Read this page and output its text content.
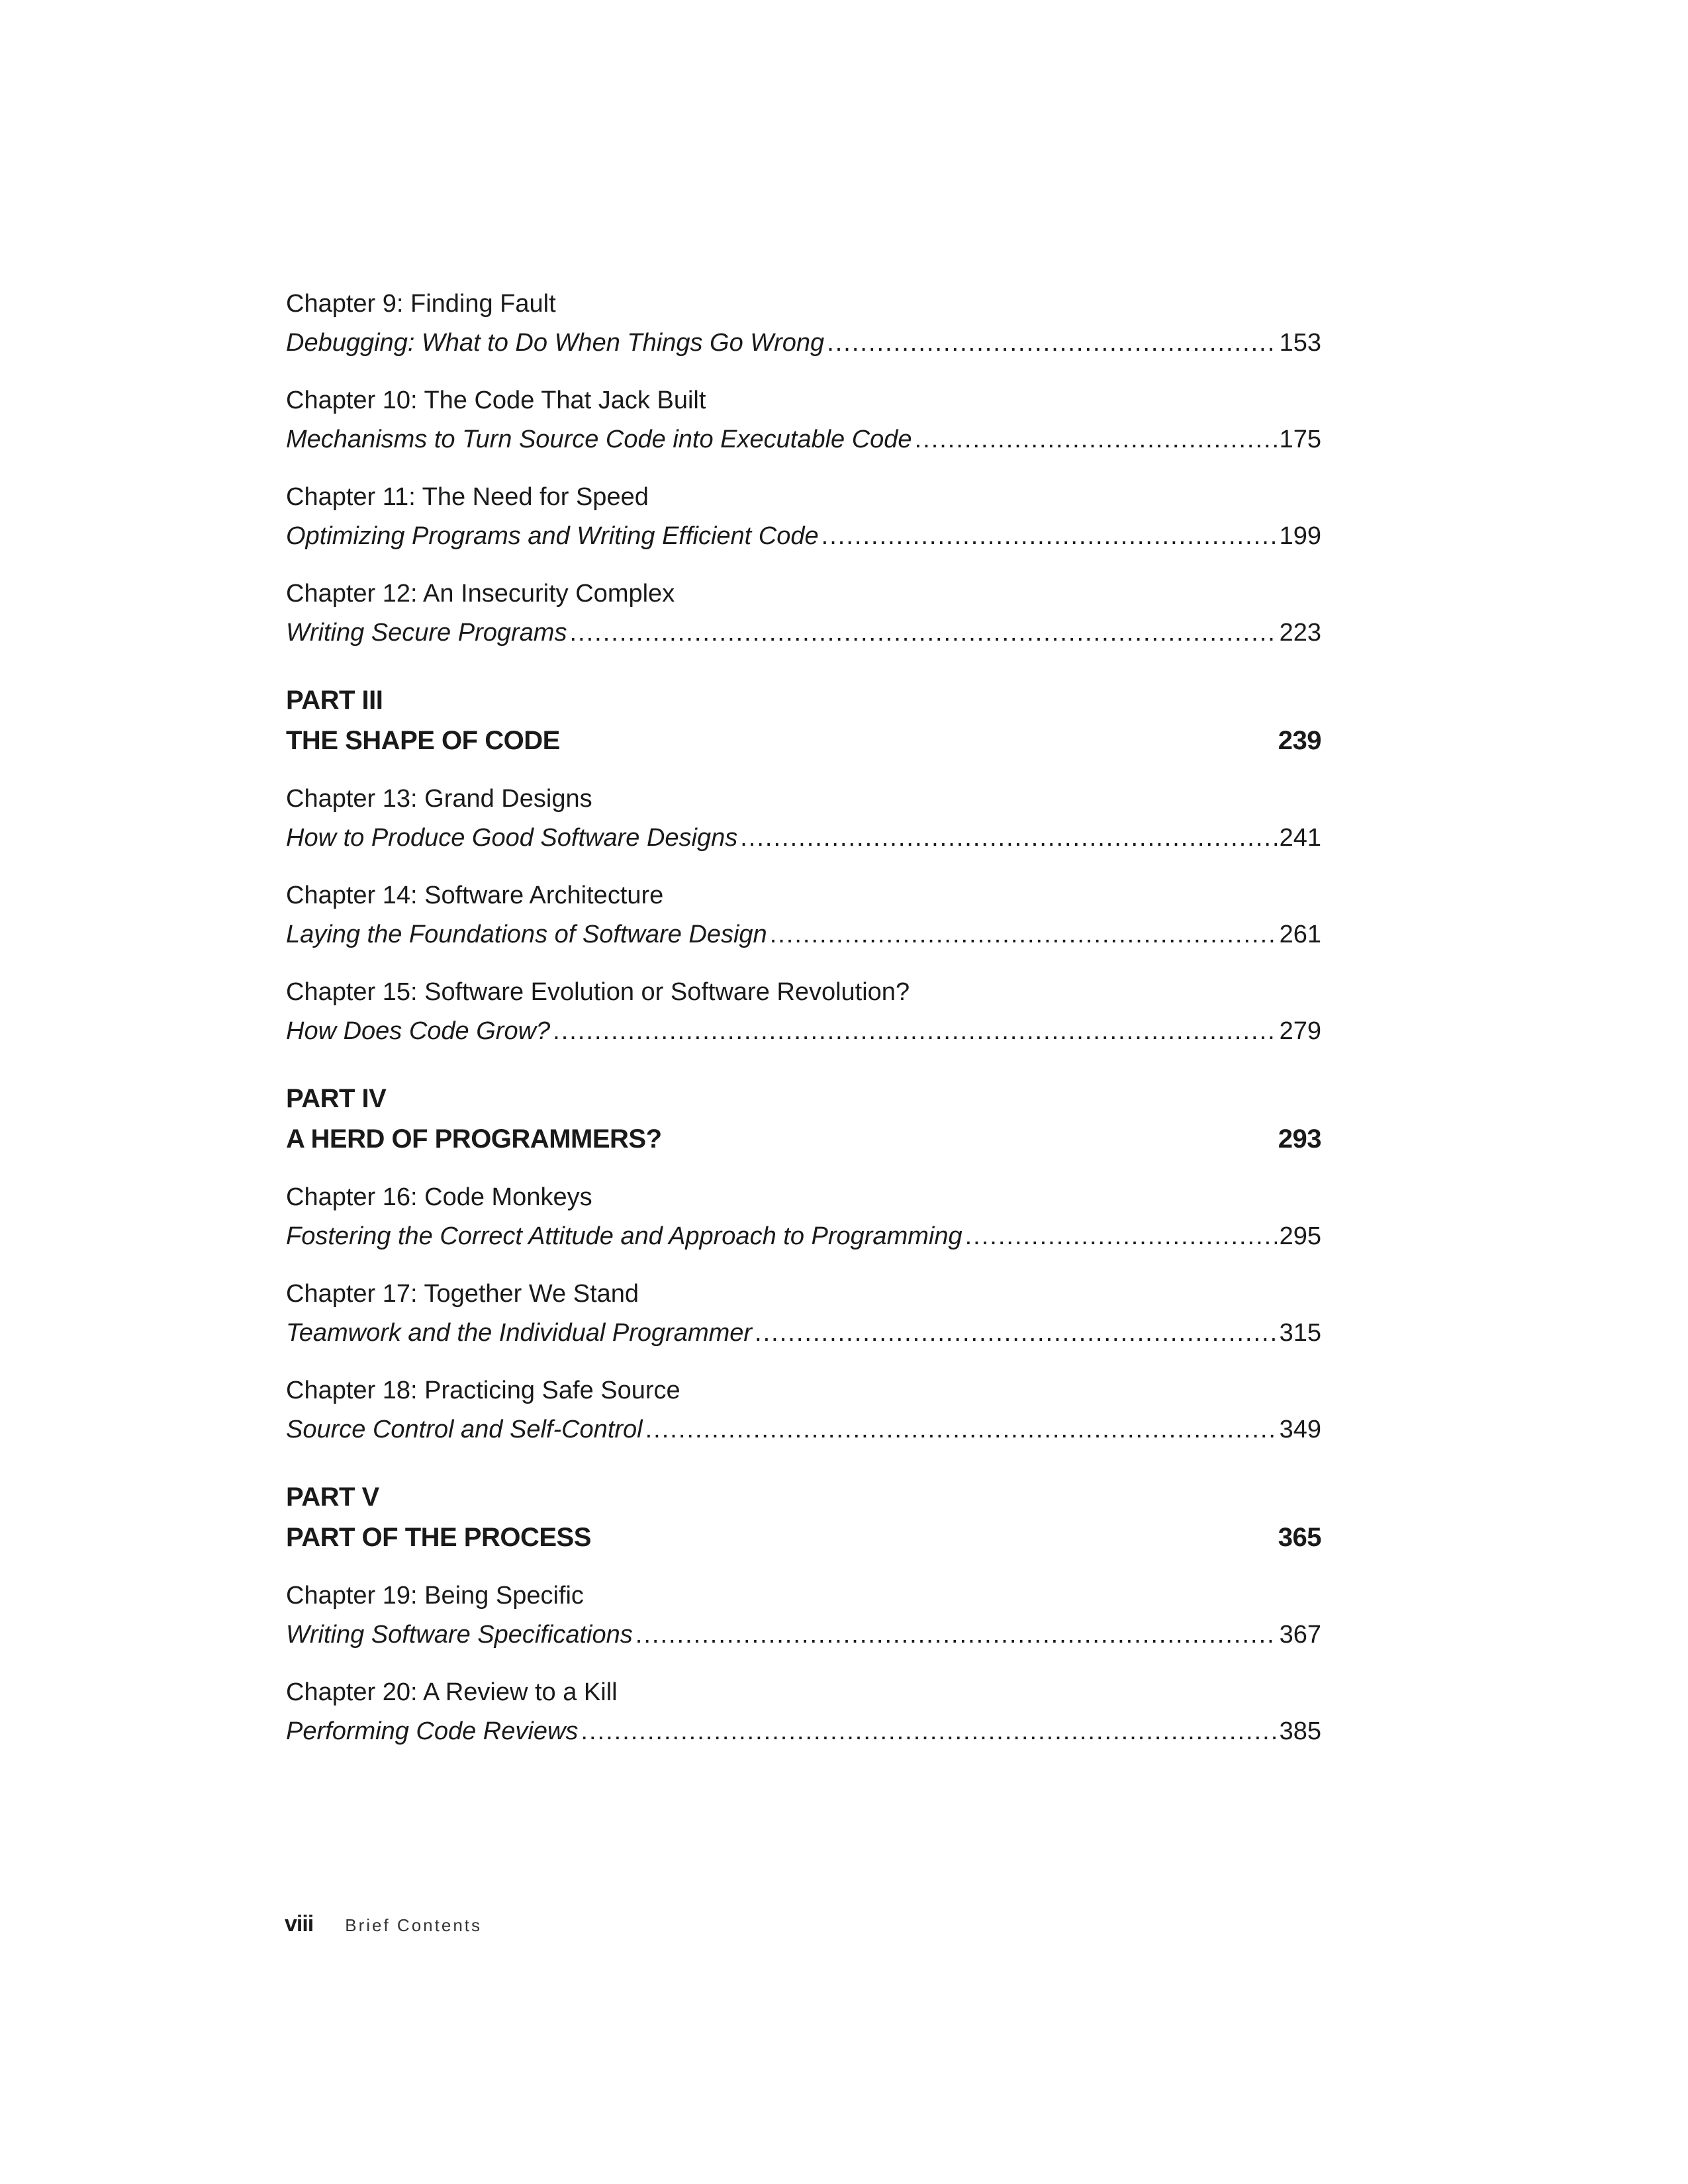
Chapter 9: Finding Fault
Debugging: What to Do When Things Go Wrong .....	153
Chapter 10: The Code That Jack Built
Mechanisms to Turn Source Code into Executable Code .....	175
Chapter 11: The Need for Speed
Optimizing Programs and Writing Efficient Code .....	199
Chapter 12: An Insecurity Complex
Writing Secure Programs .....	223
PART III
THE SHAPE OF CODE	239
Chapter 13: Grand Designs
How to Produce Good Software Designs .....	241
Chapter 14: Software Architecture
Laying the Foundations of Software Design .....	261
Chapter 15: Software Evolution or Software Revolution?
How Does Code Grow? .....	279
PART IV
A HERD OF PROGRAMMERS?	293
Chapter 16: Code Monkeys
Fostering the Correct Attitude and Approach to Programming .....	295
Chapter 17: Together We Stand
Teamwork and the Individual Programmer .....	315
Chapter 18: Practicing Safe Source
Source Control and Self-Control .....	349
PART V
PART OF THE PROCESS	365
Chapter 19: Being Specific
Writing Software Specifications .....	367
Chapter 20: A Review to a Kill
Performing Code Reviews .....	385
viii Brief Contents
